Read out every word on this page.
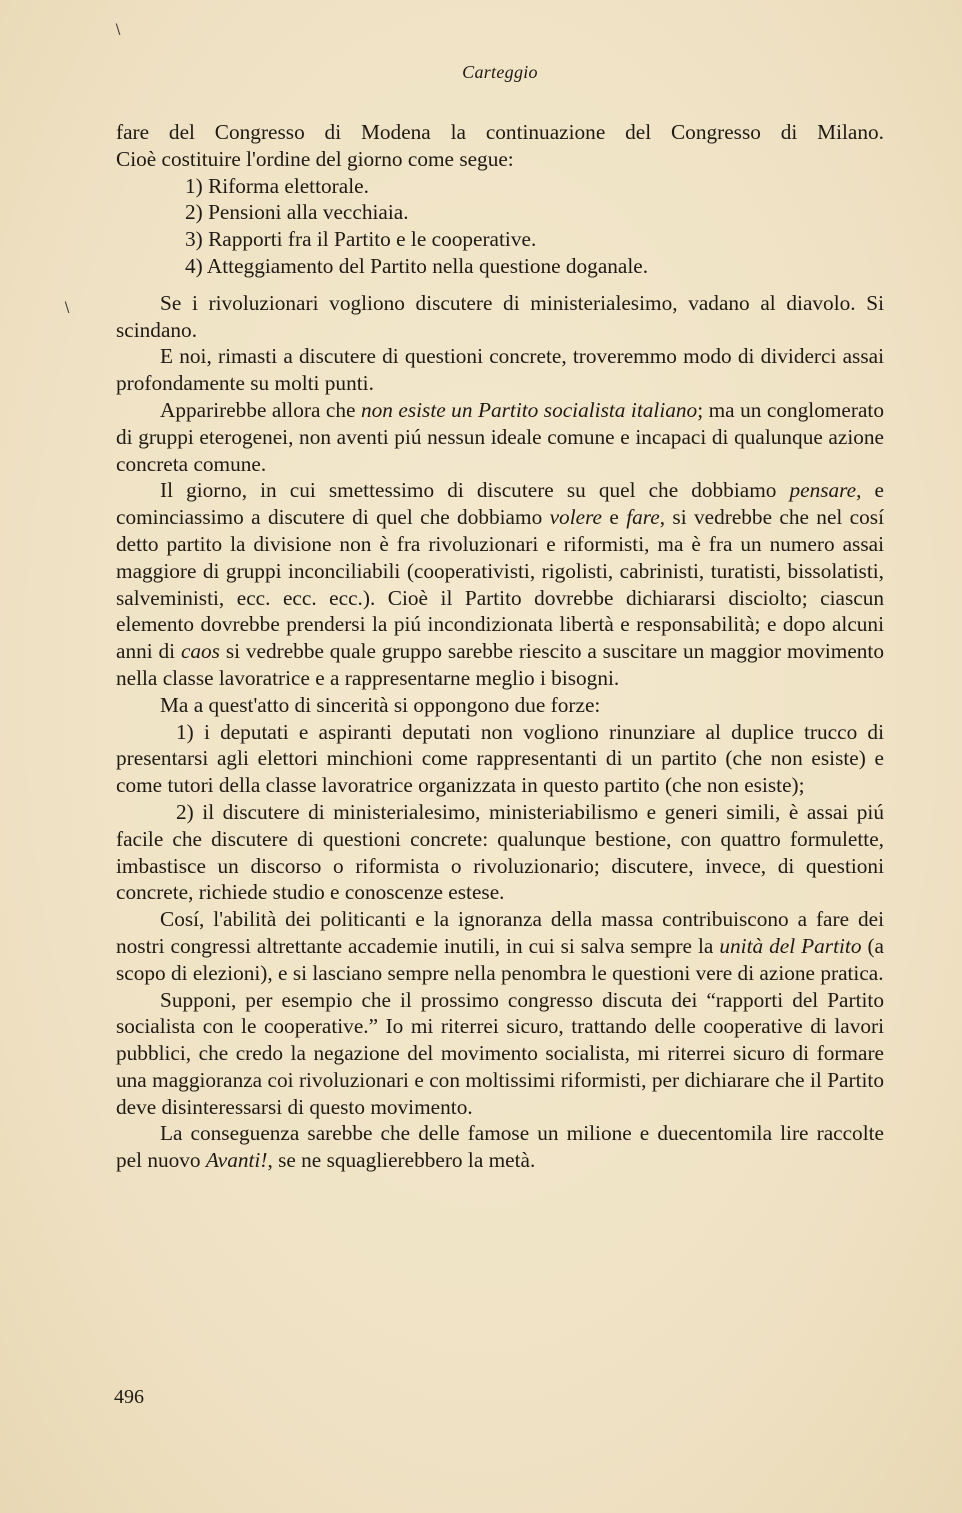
∖
∖
Carteggio

fare del Congresso di Modena la continuazione del Congresso di Milano.

Cioè costituire l'ordine del giorno come segue:

1) Riforma elettorale.

2) Pensioni alla vecchiaia.

3) Rapporti fra il Partito e le cooperative.

4) Atteggiamento del Partito nella questione doganale.

Se i rivoluzionari vogliono discutere di ministerialesimo, vadano al diavolo. Si scindano.

E noi, rimasti a discutere di questioni concrete, troveremmo modo di dividerci assai profondamente su molti punti.

Apparirebbe allora che non esiste un Partito socialista italiano; ma un conglomerato di gruppi eterogenei, non aventi piú nessun ideale comune e incapaci di qualunque azione concreta comune.

Il giorno, in cui smettessimo di discutere su quel che dobbiamo pensare, e cominciassimo a discutere di quel che dobbiamo volere e fare, si vedrebbe che nel cosí detto partito la divisione non è fra rivoluzionari e riformisti, ma è fra un numero assai maggiore di gruppi inconciliabili (cooperativisti, rigolisti, cabrinisti, turatisti, bissolatisti, salveministi, ecc. ecc. ecc.). Cioè il Partito dovrebbe dichiararsi disciolto; ciascun elemento dovrebbe prendersi la piú incondizionata libertà e responsabilità; e dopo alcuni anni di caos si vedrebbe quale gruppo sarebbe riescito a suscitare un maggior movimento nella classe lavoratrice e a rappresentarne meglio i bisogni.

Ma a quest'atto di sincerità si oppongono due forze:

1) i deputati e aspiranti deputati non vogliono rinunziare al duplice trucco di presentarsi agli elettori minchioni come rappresentanti di un partito (che non esiste) e come tutori della classe lavoratrice organizzata in questo partito (che non esiste);

2) il discutere di ministerialesimo, ministeriabilismo e generi simili, è assai piú facile che discutere di questioni concrete: qualunque bestione, con quattro formulette, imbastisce un discorso o riformista o rivoluzionario; discutere, invece, di questioni concrete, richiede studio e conoscenze estese.

Cosí, l'abilità dei politicanti e la ignoranza della massa contribuiscono a fare dei nostri congressi altrettante accademie inutili, in cui si salva sempre la unità del Partito (a scopo di elezioni), e si lasciano sempre nella penombra le questioni vere di azione pratica.

Supponi, per esempio che il prossimo congresso discuta dei “rapporti del Partito socialista con le cooperative.” Io mi riterrei sicuro, trattando delle cooperative di lavori pubblici, che credo la negazione del movimento socialista, mi riterrei sicuro di formare una maggioranza coi rivoluzionari e con moltissimi riformisti, per dichiarare che il Partito deve disinteressarsi di questo movimento.

La conseguenza sarebbe che delle famose un milione e duecentomila lire raccolte pel nuovo Avanti!, se ne squaglierebbero la metà.

496
